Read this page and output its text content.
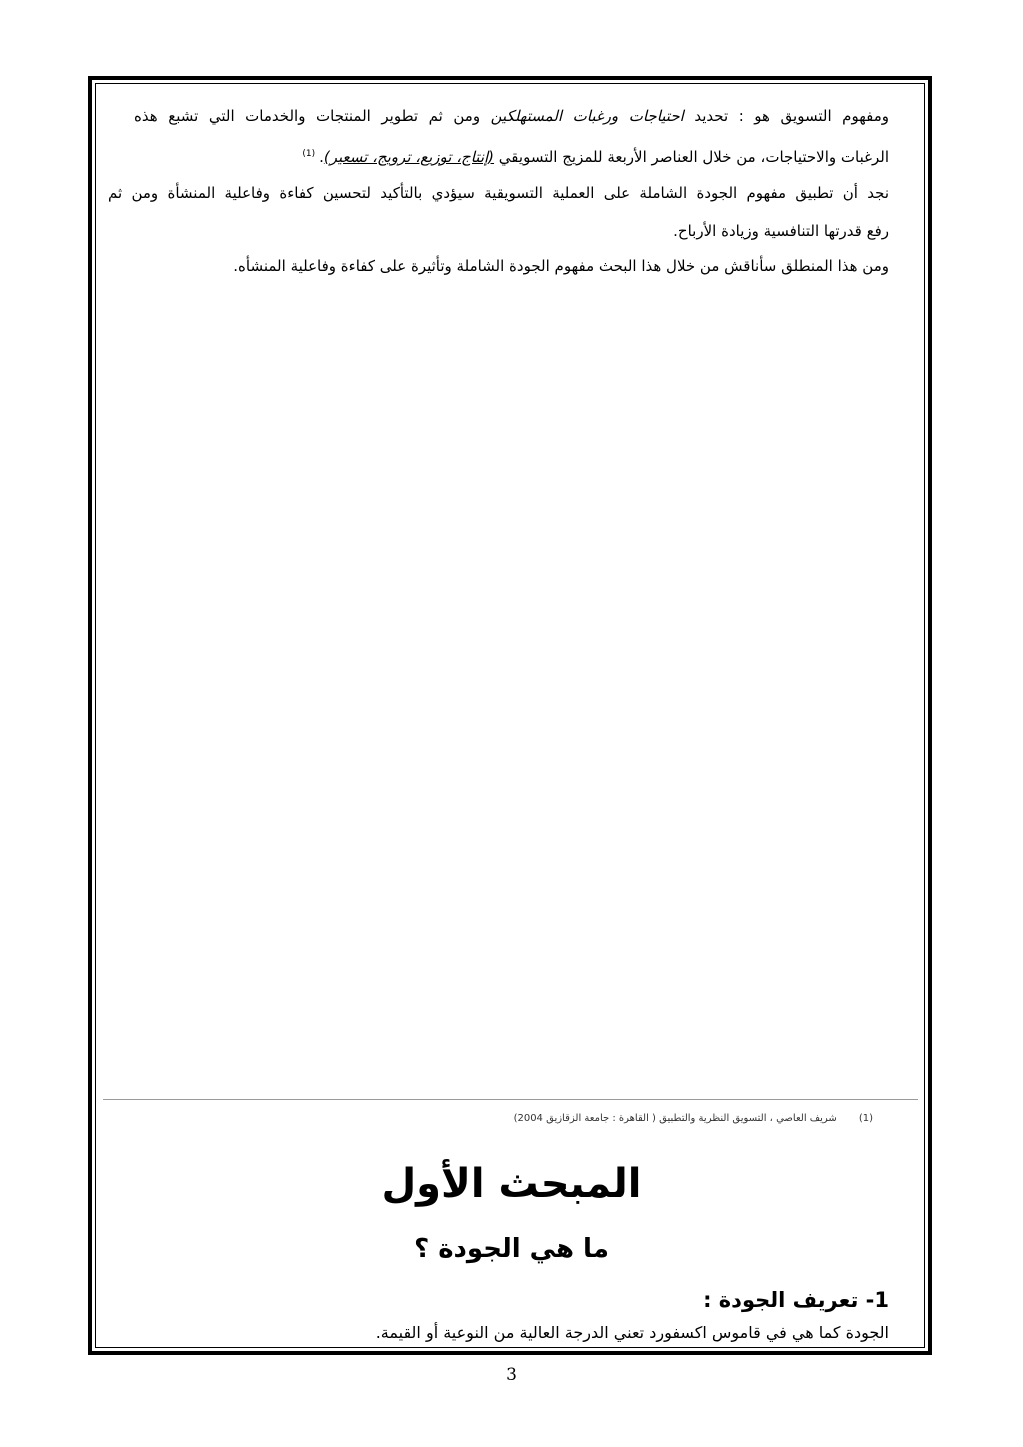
ومفهوم التسويق هو : تحديد احتياجات ورغبات المستهلكين ومن ثم تطوير المنتجات والخدمات التي تشبع هذه
الرغبات والاحتياجات، من خلال العناصر الأربعة للمزيج التسويقي (إنتاج، توزيع، ترويج، تسعير).$^{(1)}$
نجد أن تطبيق مفهوم الجودة الشاملة على العملية التسويقية سيؤدي بالتأكيد لتحسين كفاءة وفاعلية المنشأة ومن ثم
رفع قدرتها التنافسية وزيادة الأرباح.
ومن هذا المنطلق سأناقش من خلال هذا البحث مفهوم الجودة الشاملة وتأثيرة على كفاءة وفاعلية المنشأه.
(1)شريف العاصي ، التسويق النظرية والتطبيق ( القاهرة : جامعة الزقازيق 2004)
المبحث الأول
ما هي الجودة ؟
1- تعريف الجودة :
الجودة كما هي في قاموس اكسفورد تعني الدرجة العالية من النوعية أو القيمة.
3
